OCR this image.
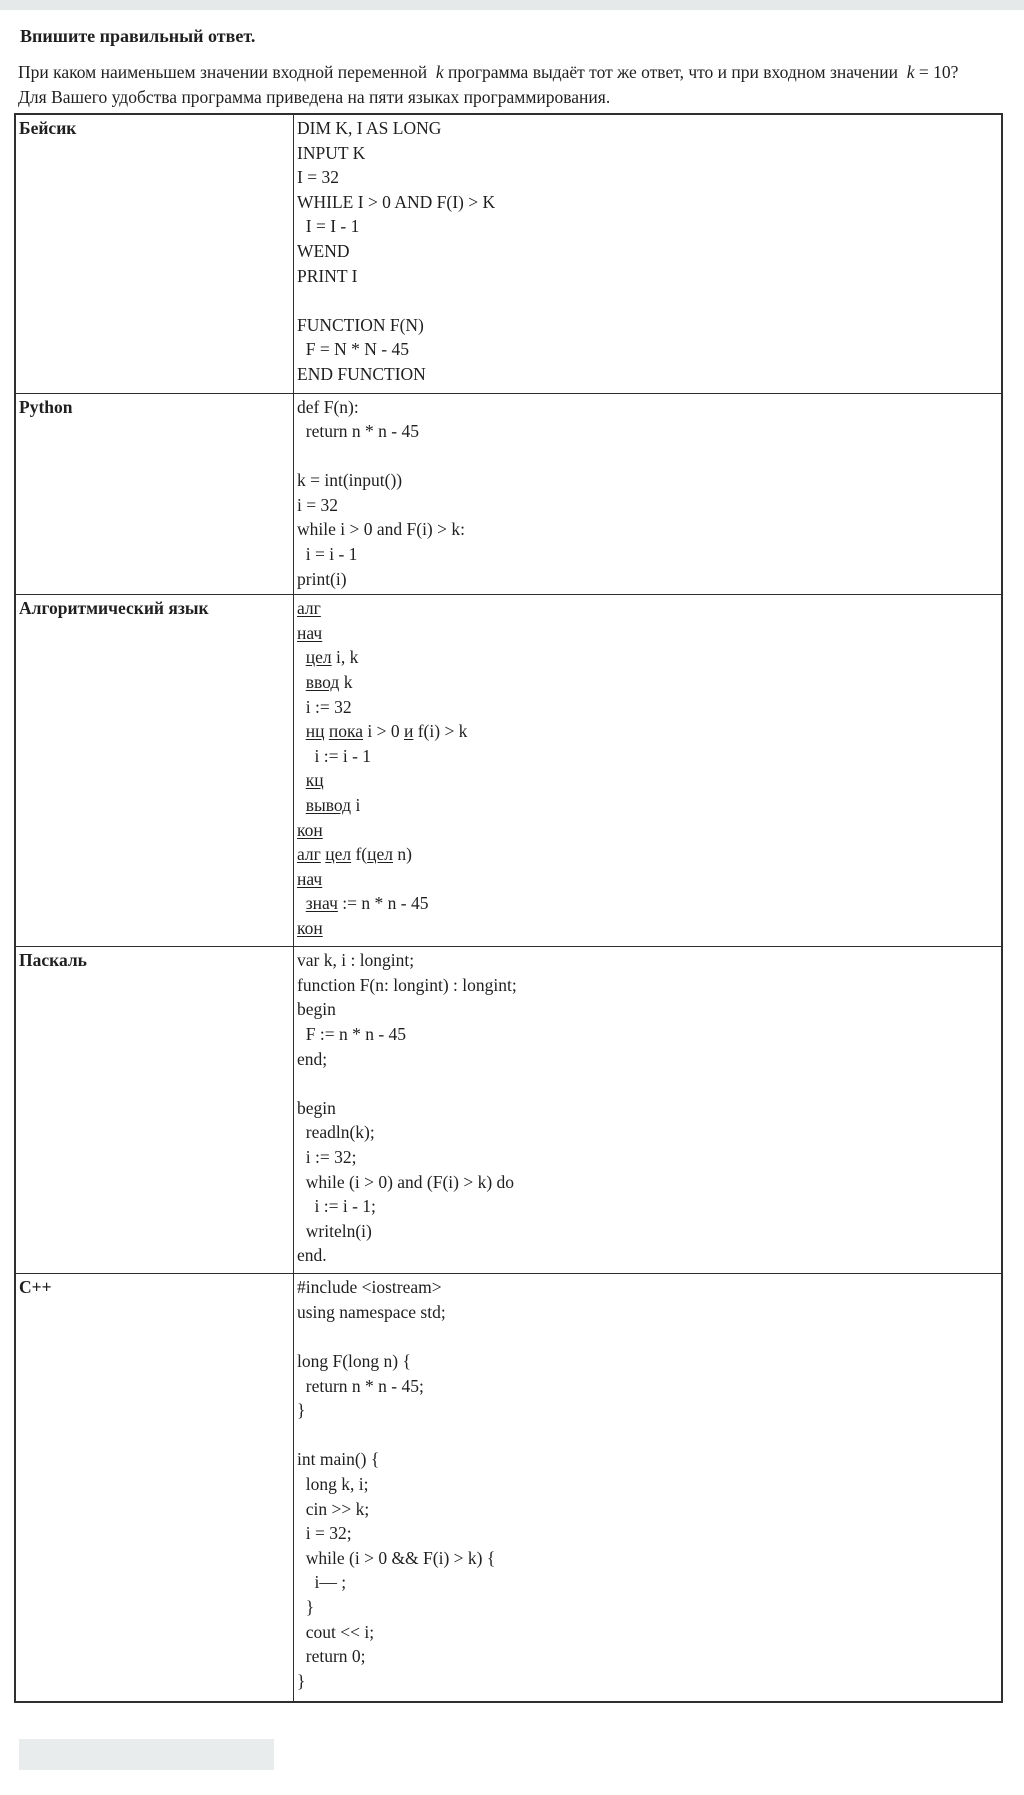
Впишите правильный ответ.
При каком наименьшем значении входной переменной  k программа выдаёт тот же ответ, что и при входном значении  k = 10?
Для Вашего удобства программа приведена на пяти языках программирования.
Бейсик	DIM K, I AS LONG
INPUT K
I = 32
WHILE I > 0 AND F(I) > K
I = I - 1
WEND
PRINT I
FUNCTION F(N)
F = N * N - 45
END FUNCTION

Python	def F(n):
return n * n - 45
k = int(input())
i = 32
while i > 0 and F(i) > k:
i = i - 1
print(i)

Алгоритмический язык	алг
нач
цел i, k
ввод k
i := 32
нц пока i > 0 и f(i) > k
i := i - 1
кц
вывод i
кон
алг цел f(цел n)
нач
знач := n * n - 45
кон

Паскаль	var k, i : longint;
function F(n: longint) : longint;
begin
F := n * n - 45
end;
begin
readln(k);
i := 32;
while (i > 0) and (F(i) > k) do
i := i - 1;
writeln(i)
end.

C++	#include <iostream>
using namespace std;
long F(long n) {
return n * n - 45;
}
int main() {
long k, i;
cin >> k;
i = 32;
while (i > 0 && F(i) > k) {
i–– ;
}
cout << i;
return 0;
}
